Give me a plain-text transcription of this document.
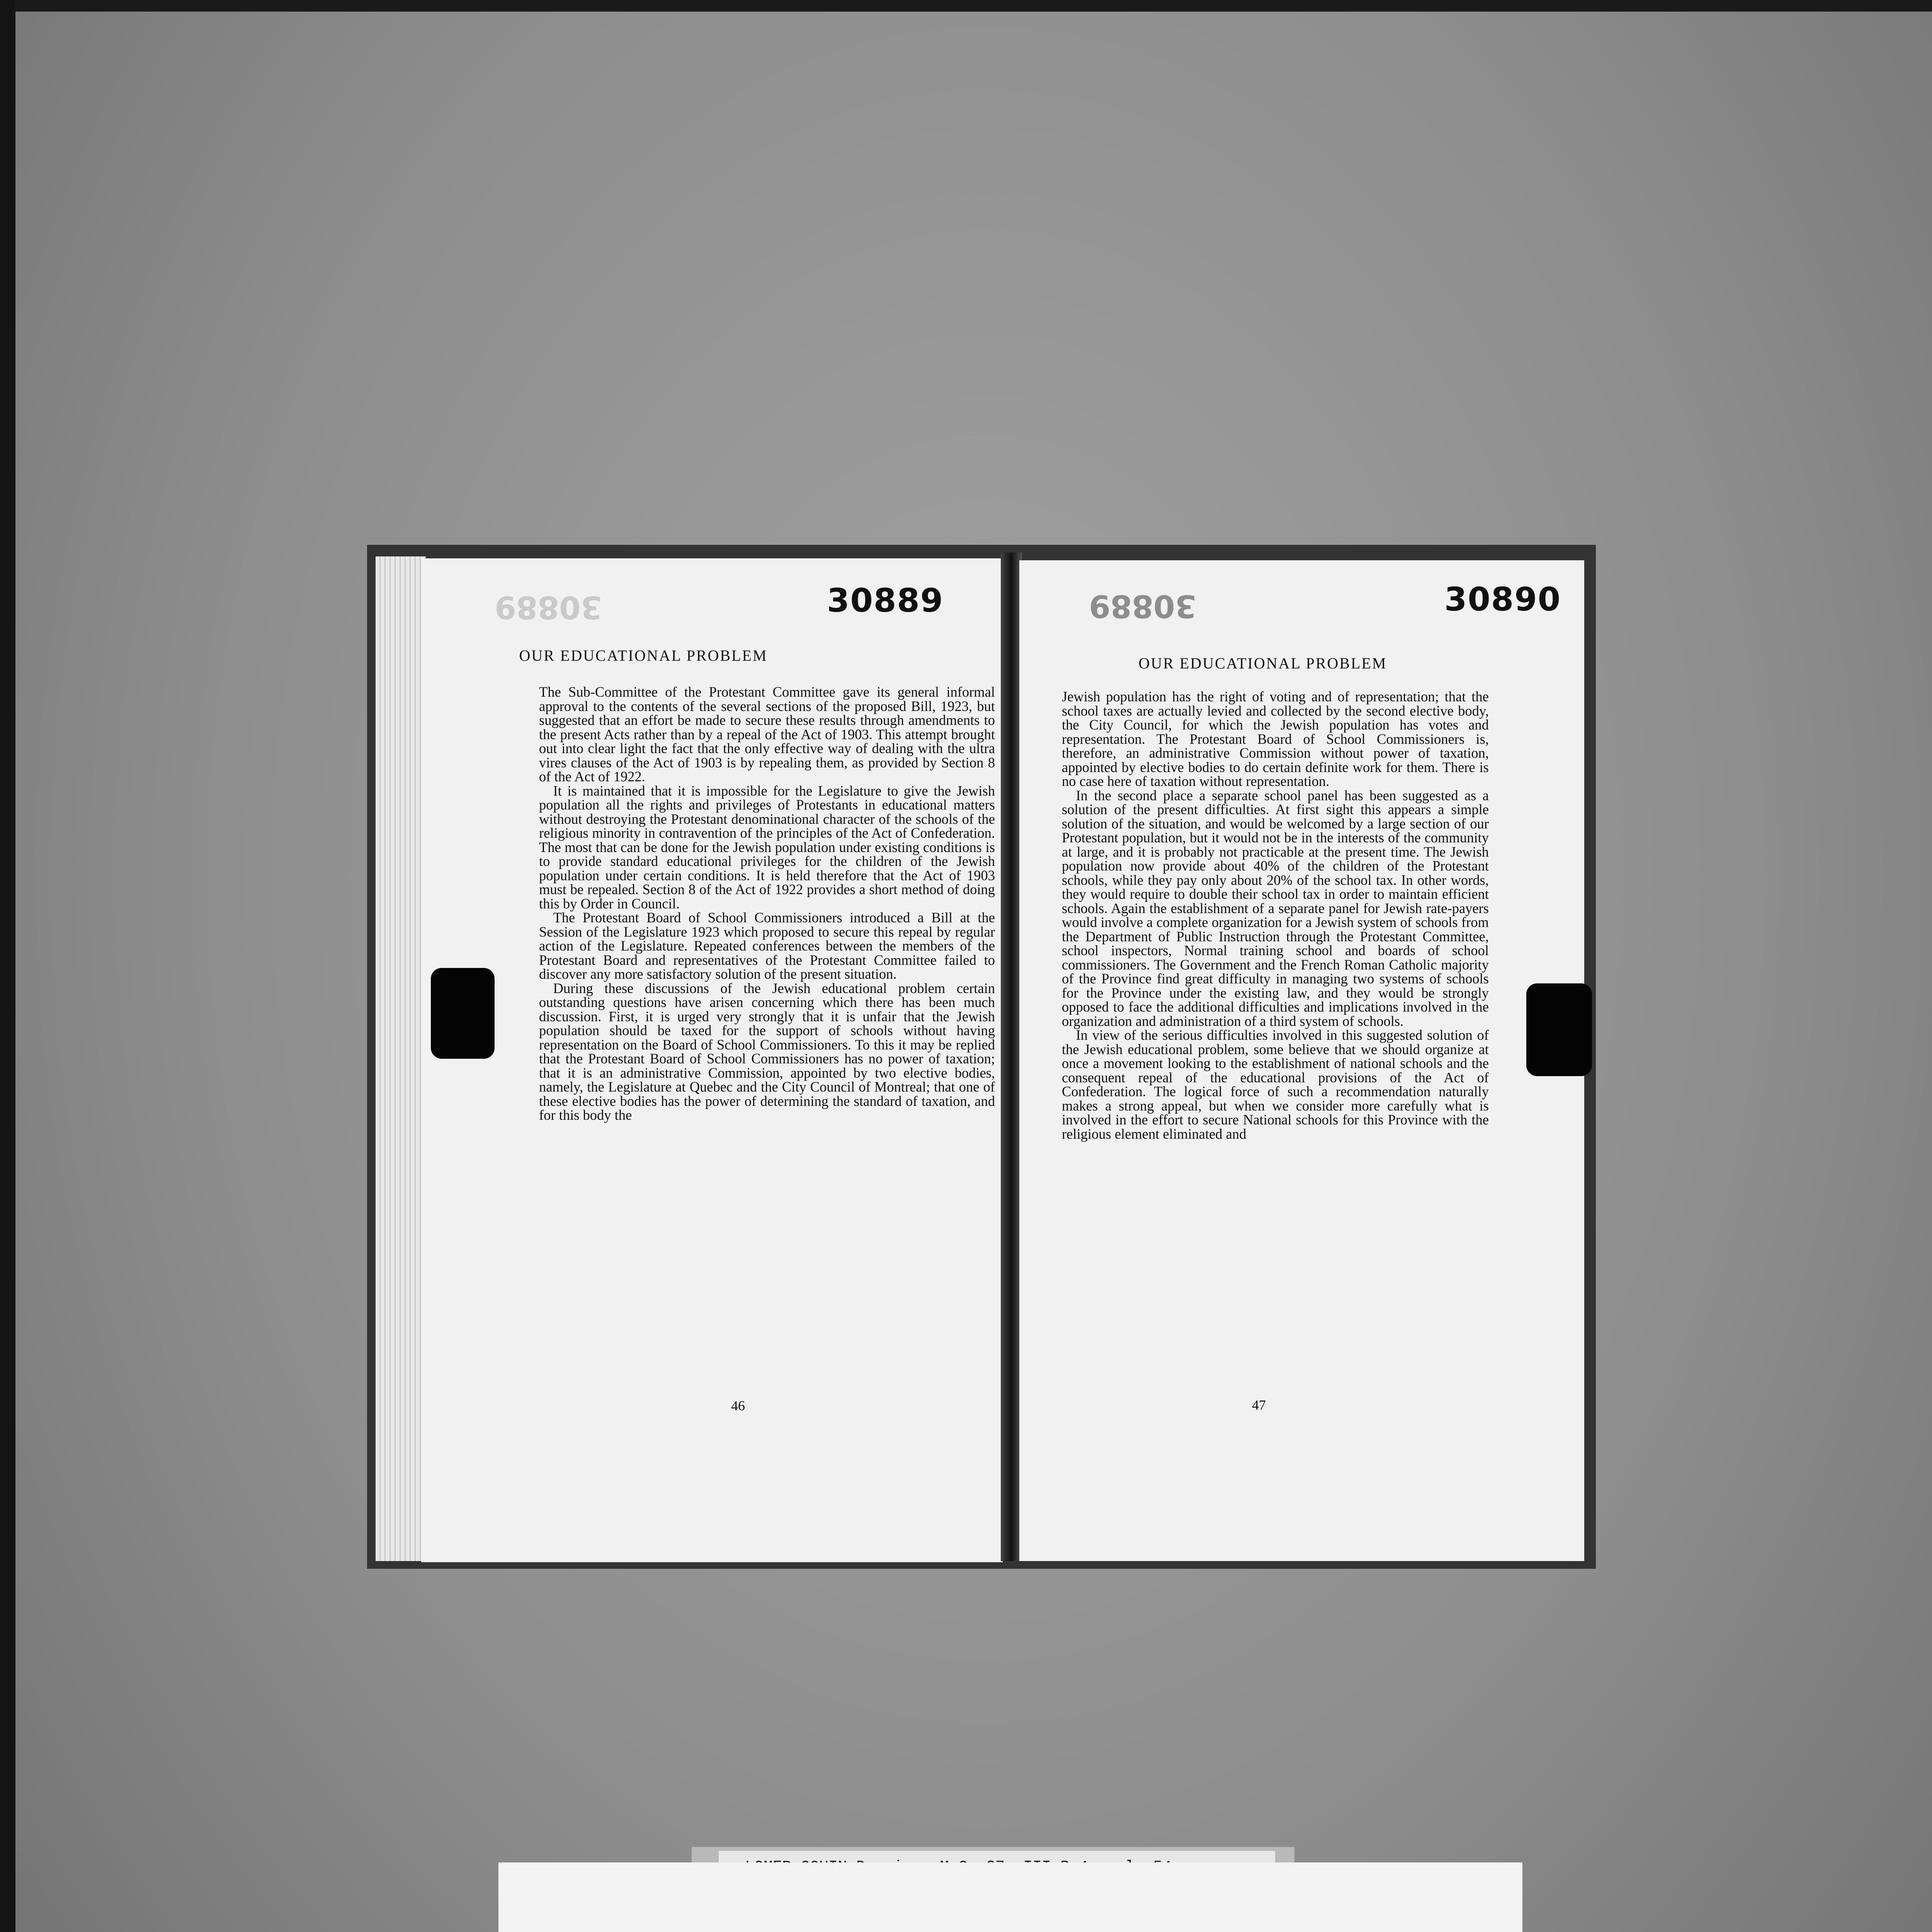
30889	30889
OUR EDUCATIONAL PROBLEM

The Sub-Committee of the Protestant Committee gave its general informal approval to the contents of the several sections of the proposed Bill, 1923, but suggested that an effort be made to secure these results through amendments to the present Acts rather than by a repeal of the Act of 1903. This attempt brought out into clear light the fact that the only effective way of dealing with the ultra vires clauses of the Act of 1903 is by repealing them, as provided by Section 8 of the Act of 1922.

It is maintained that it is impossible for the Legislature to give the Jewish population all the rights and privileges of Protestants in educational matters without destroying the Protestant denominational character of the schools of the religious minority in contravention of the principles of the Act of Confederation. The most that can be done for the Jewish population under existing conditions is to provide standard educational privileges for the children of the Jewish population under certain conditions. It is held therefore that the Act of 1903 must be repealed. Section 8 of the Act of 1922 provides a short method of doing this by Order in Council.

The Protestant Board of School Commissioners introduced a Bill at the Session of the Legislature 1923 which proposed to secure this repeal by regular action of the Legislature. Repeated conferences between the members of the Protestant Board and representatives of the Protestant Committee failed to discover any more satisfactory solution of the present situation.

During these discussions of the Jewish educational problem certain outstanding questions have arisen concerning which there has been much discussion. First, it is urged very strongly that it is unfair that the Jewish population should be taxed for the support of schools without having representation on the Board of School Commissioners. To this it may be replied that the Protestant Board of School Commissioners has no power of taxation; that it is an administrative Commission, appointed by two elective bodies, namely, the Legislature at Quebec and the City Council of Montreal; that one of these elective bodies has the power of determining the standard of taxation, and for this body the

46
30889	30890
OUR EDUCATIONAL PROBLEM

Jewish population has the right of voting and of representation; that the school taxes are actually levied and collected by the second elective body, the City Council, for which the Jewish population has votes and representation. The Protestant Board of School Commissioners is, therefore, an administrative Commission without power of taxation, appointed by elective bodies to do certain definite work for them. There is no case here of taxation without representation.

In the second place a separate school panel has been suggested as a solution of the present difficulties. At first sight this appears a simple solution of the situation, and would be welcomed by a large section of our Protestant population, but it would not be in the interests of the community at large, and it is probably not practicable at the present time. The Jewish population now provide about 40% of the children of the Protestant schools, while they pay only about 20% of the school tax. In other words, they would require to double their school tax in order to maintain efficient schools. Again the establishment of a separate panel for Jewish rate-payers would involve a complete organization for a Jewish system of schools from the Department of Public Instruction through the Protestant Committee, school inspectors, Normal training school and boards of school commissioners. The Government and the French Roman Catholic majority of the Province find great difficulty in managing two systems of schools for the Province under the existing law, and they would be strongly opposed to face the additional difficulties and implications involved in the organization and administration of a third system of schools.

In view of the serious difficulties involved in this suggested solution of the Jewish educational problem, some believe that we should organize at once a movement looking to the establishment of national schools and the consequent repeal of the educational provisions of the Act of Confederation. The logical force of such a recommendation naturally makes a strong appeal, but when we consider more carefully what is involved in the effort to secure National schools for this Province with the religious element eliminated and

47
